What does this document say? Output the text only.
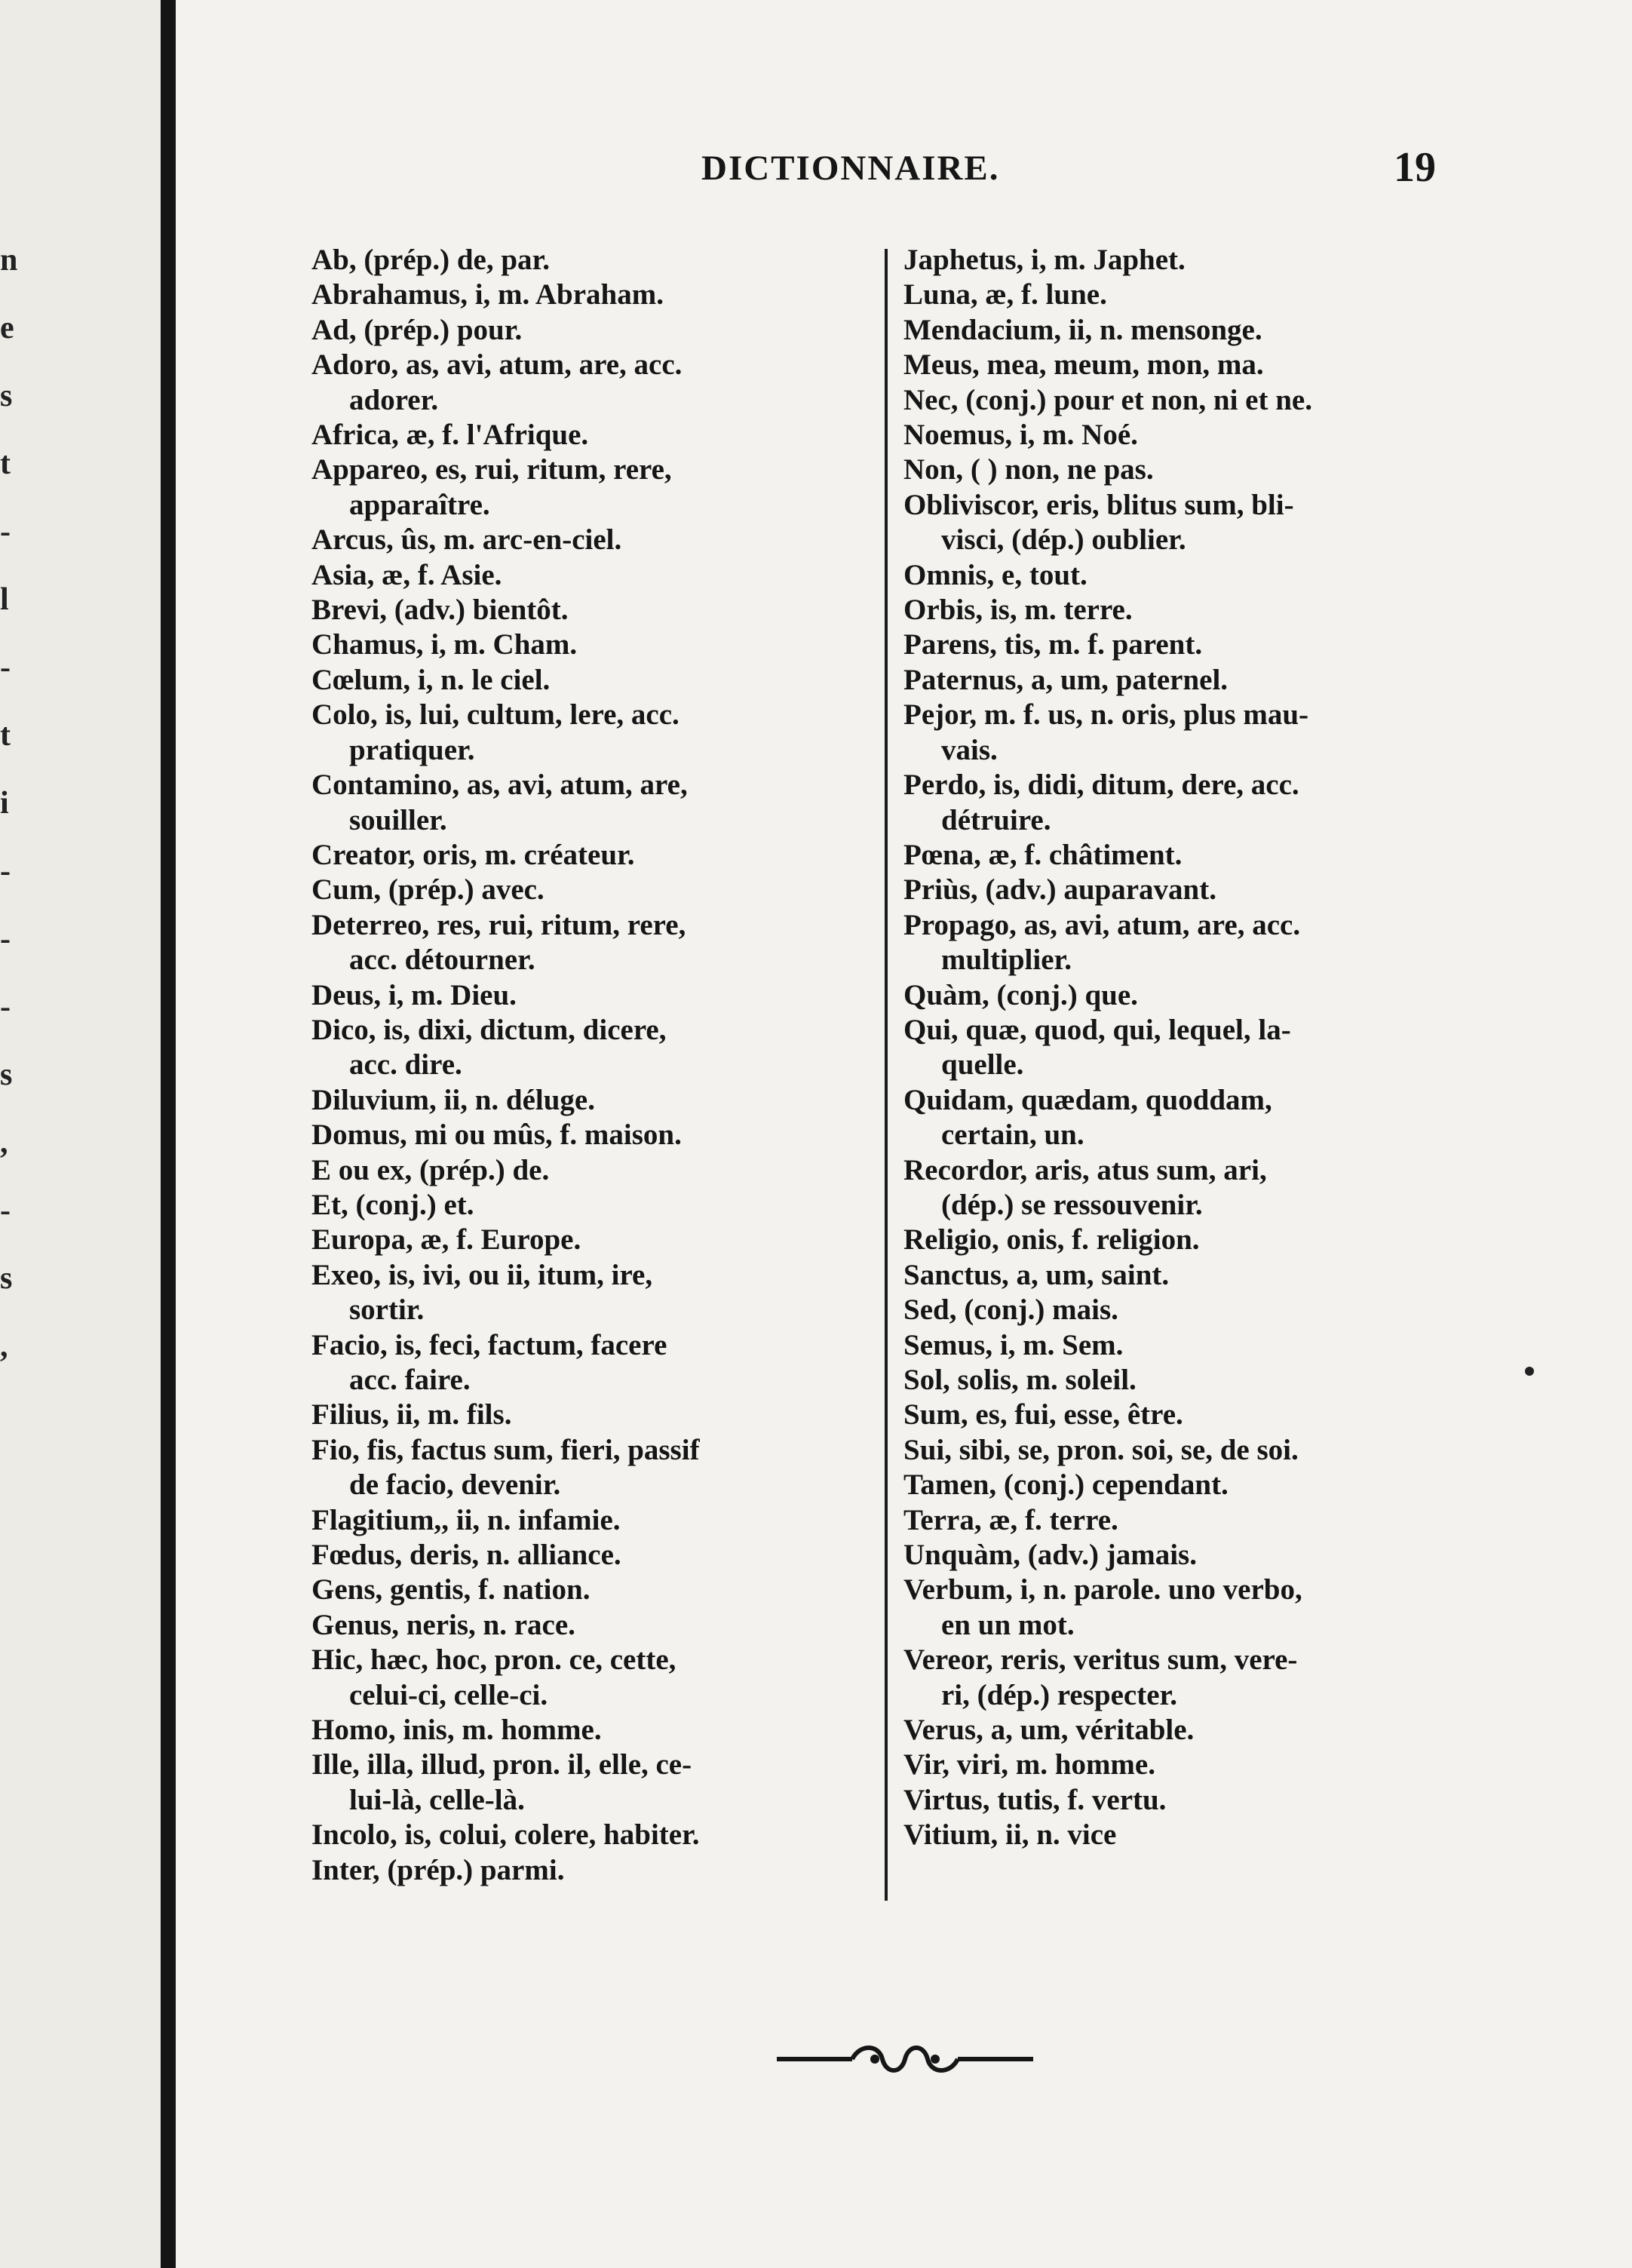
n
e
s
t
-
l
-
t
i
-
-
-
s
,
-
s
,
DICTIONNAIRE.	19
Ab, (prép.) de, par.
Abrahamus, i, m. Abraham.
Ad, (prép.) pour.
Adoro, as, avi, atum, are, acc.
adorer.
Africa, æ, f. l'Afrique.
Appareo, es, rui, ritum, rere,
apparaître.
Arcus, ûs, m. arc-en-ciel.
Asia, æ, f. Asie.
Brevi, (adv.) bientôt.
Chamus, i, m. Cham.
Cœlum, i, n. le ciel.
Colo, is, lui, cultum, lere, acc.
pratiquer.
Contamino, as, avi, atum, are,
souiller.
Creator, oris, m. créateur.
Cum, (prép.) avec.
Deterreo, res, rui, ritum, rere,
acc. détourner.
Deus, i, m. Dieu.
Dico, is, dixi, dictum, dicere,
acc. dire.
Diluvium, ii, n. déluge.
Domus, mi ou mûs, f. maison.
E ou ex, (prép.) de.
Et, (conj.) et.
Europa, æ, f. Europe.
Exeo, is, ivi, ou ii, itum, ire,
sortir.
Facio, is, feci, factum, facere
acc. faire.
Filius, ii, m. fils.
Fio, fis, factus sum, fieri, passif
de facio, devenir.
Flagitium,, ii, n. infamie.
Fœdus, deris, n. alliance.
Gens, gentis, f. nation.
Genus, neris, n. race.
Hic, hæc, hoc, pron. ce, cette,
celui-ci, celle-ci.
Homo, inis, m. homme.
Ille, illa, illud, pron. il, elle, ce-
lui-là, celle-là.
Incolo, is, colui, colere, habiter.
Inter, (prép.) parmi.
Japhetus, i, m. Japhet.
Luna, æ, f. lune.
Mendacium, ii, n. mensonge.
Meus, mea, meum, mon, ma.
Nec, (conj.) pour et non, ni et ne.
Noemus, i, m. Noé.
Non, ( ) non, ne pas.
Obliviscor, eris, blitus sum, bli-
visci, (dép.) oublier.
Omnis, e, tout.
Orbis, is, m. terre.
Parens, tis, m. f. parent.
Paternus, a, um, paternel.
Pejor, m. f. us, n. oris, plus mau-
vais.
Perdo, is, didi, ditum, dere, acc.
détruire.
Pœna, æ, f. châtiment.
Priùs, (adv.) auparavant.
Propago, as, avi, atum, are, acc.
multiplier.
Quàm, (conj.) que.
Qui, quæ, quod, qui, lequel, la-
quelle.
Quidam, quædam, quoddam,
certain, un.
Recordor, aris, atus sum, ari,
(dép.) se ressouvenir.
Religio, onis, f. religion.
Sanctus, a, um, saint.
Sed, (conj.) mais.
Semus, i, m. Sem.
Sol, solis, m. soleil.
Sum, es, fui, esse, être.
Sui, sibi, se, pron. soi, se, de soi.
Tamen, (conj.) cependant.
Terra, æ, f. terre.
Unquàm, (adv.) jamais.
Verbum, i, n. parole. uno verbo,
en un mot.
Vereor, reris, veritus sum, vere-
ri, (dép.) respecter.
Verus, a, um, véritable.
Vir, viri, m. homme.
Virtus, tutis, f. vertu.
Vitium, ii, n. vice
